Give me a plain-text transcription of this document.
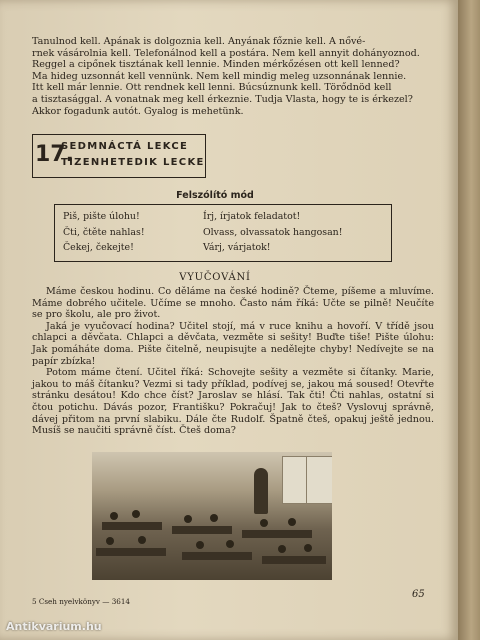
Tanulnod kell. Apának is dolgoznia kell. Anyának főznie kell. A nővé-

rnek vásárolnia kell. Telefonálnod kell a postára. Nem kell annyit dohányoznod.

Reggel a cipőnek tisztának kell lennie. Minden mérkőzésen ott kell lenned?

Ma hideg uzsonnát kell vennünk. Nem kell mindig meleg uzsonnának lennie.

Itt kell már lennie. Ott rendnek kell lenni. Búcsúznunk kell. Törődnöd kell

a tisztasággal. A vonatnak meg kell érkeznie. Tudja Vlasta, hogy te is érkezel?

Akkor fogadunk autót. Gyalog is mehetünk.

17.
SEDMNÁCTÁ LEKCE
TIZENHETEDIK LECKE
Felszólító mód
Piš, pište úlohu!
Čti, čtěte nahlas!
Čekej, čekejte!
Írj, írjatok feladatot!
Olvass, olvassatok hangosan!
Várj, várjatok!
VYUČOVÁNÍ

Máme českou hodinu. Co děláme na české hodině? Čteme, píšeme a mluvíme. Máme dobrého učitele. Učíme se mnoho. Často nám říká: Učte se pilně! Neučíte se pro školu, ale pro život.

Jaká je vyučovací hodina? Učitel stojí, má v ruce knihu a hovoří. V třídě jsou chlapci a děvčata. Chlapci a děvčata, vezměte si sešity! Buďte tiše! Pište úlohu: Jak pomáháte doma. Pište čitelně, neupisujte a nedělejte chyby! Nedívejte se na papír zbízka!

Potom máme čtení. Učitel říká: Schovejte sešity a vezměte si čítanky. Marie, jakou to máš čítanku? Vezmi si tady příklad, podívej se, jakou má soused! Otevřte stránku desátou! Kdo chce číst? Jaroslav se hlásí. Tak čti! Čti nahlas, ostatní si čtou potichu. Dávás pozor, Františku? Pokračuj! Jak to čteš? Vyslovuj správně, dávej přitom na první slabiku. Dále čte Rudolf. Špatně čteš, opakuj ještě jednou. Musíš se naučiti správně číst. Čteš doma?

5 Cseh nyelvkönyv — 3614
65
Antikvarium.hu
